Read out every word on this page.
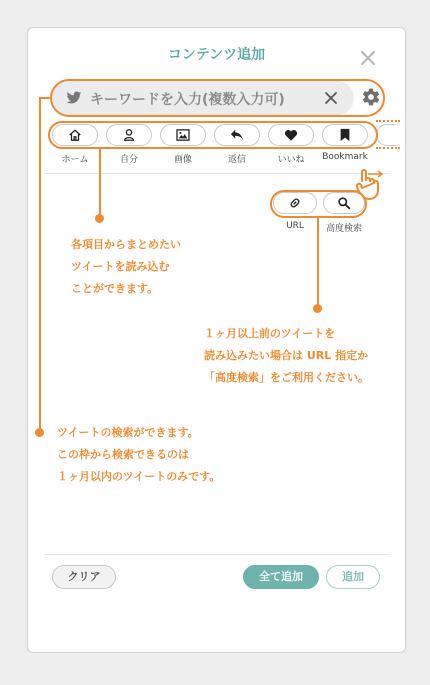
コンテンツ追加
キーワードを入力(複数入力可)
ホーム	自分	画像	返信	いいね	Bookmark
URL	高度検索
各項目からまとめたい
ツイートを読み込む
ことができます。
１ヶ月以上前のツイートを
読み込みたい場合は URL 指定か
「高度検索」をご利用ください。
ツイートの検索ができます。
この枠から検索できるのは
１ヶ月以内のツイートのみです。
クリア	全て追加	追加
